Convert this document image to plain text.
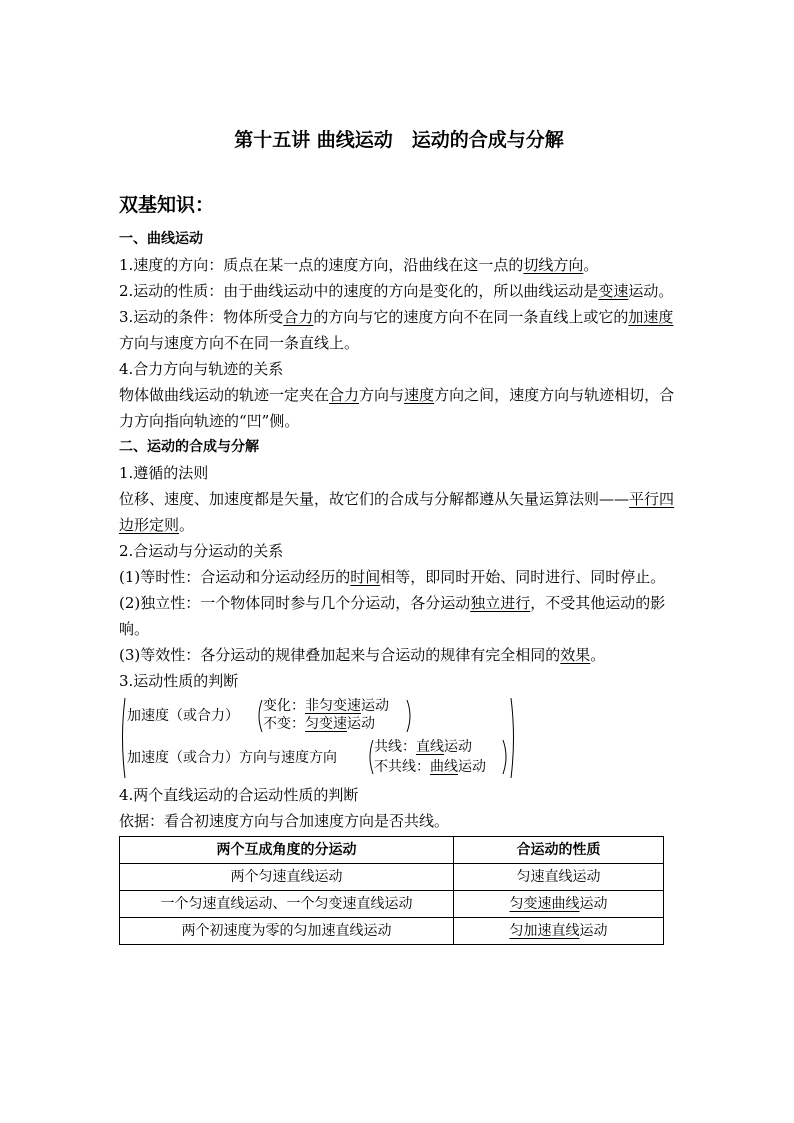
第十五讲 曲线运动　运动的合成与分解
双基知识：
一、曲线运动

1.速度的方向：质点在某一点的速度方向，沿曲线在这一点的切线方向。

2.运动的性质：由于曲线运动中的速度的方向是变化的，所以曲线运动是变速运动。

3.运动的条件：物体所受合力的方向与它的速度方向不在同一条直线上或它的加速度方向与速度方向不在同一条直线上。

4.合力方向与轨迹的关系

物体做曲线运动的轨迹一定夹在合力方向与速度方向之间，速度方向与轨迹相切，合力方向指向轨迹的“凹”侧。

二、运动的合成与分解

1.遵循的法则

位移、速度、加速度都是矢量，故它们的合成与分解都遵从矢量运算法则——平行四边形定则。

2.合运动与分运动的关系

(1)等时性：合运动和分运动经历的时间相等，即同时开始、同时进行、同时停止。

(2)独立性：一个物体同时参与几个分运动，各分运动独立进行，不受其他运动的影响。

(3)等效性：各分运动的规律叠加起来与合运动的规律有完全相同的效果。

3.运动性质的判断

加速度（或合力）
变化：非匀变速运动
不变：匀变速运动
加速度（或合力）方向与速度方向
共线：直线运动
不共线：曲线运动

4.两个直线运动的合运动性质的判断

依据：看合初速度方向与合加速度方向是否共线。

两个互成角度的分运动	合运动的性质
两个匀速直线运动	匀速直线运动
一个匀速直线运动、一个匀变速直线运动	匀变速曲线运动
两个初速度为零的匀加速直线运动	匀加速直线运动
